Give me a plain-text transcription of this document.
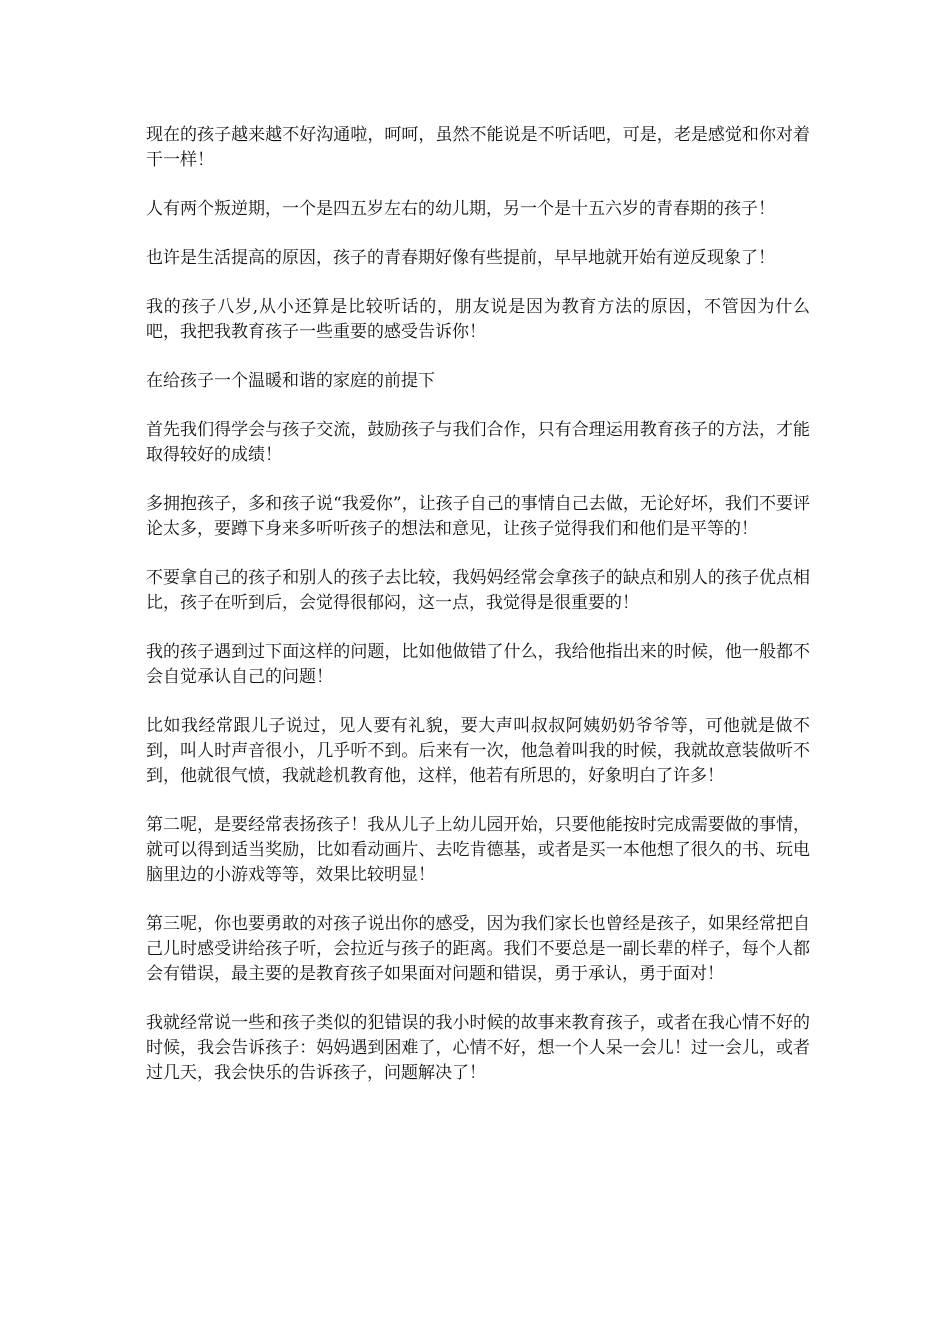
现在的孩子越来越不好沟通啦，呵呵，虽然不能说是不听话吧，可是，老是感觉和你对着干一样！

人有两个叛逆期，一个是四五岁左右的幼儿期，另一个是十五六岁的青春期的孩子！

也许是生活提高的原因，孩子的青春期好像有些提前，早早地就开始有逆反现象了！

我的孩子八岁,从小还算是比较听话的，朋友说是因为教育方法的原因，不管因为什么吧，我把我教育孩子一些重要的感受告诉你！

在给孩子一个温暖和谐的家庭的前提下

首先我们得学会与孩子交流，鼓励孩子与我们合作，只有合理运用教育孩子的方法，才能取得较好的成绩！

多拥抱孩子，多和孩子说“我爱你”，让孩子自己的事情自己去做，无论好坏，我们不要评论太多，要蹲下身来多听听孩子的想法和意见，让孩子觉得我们和他们是平等的！

不要拿自己的孩子和别人的孩子去比较，我妈妈经常会拿孩子的缺点和别人的孩子优点相比，孩子在听到后，会觉得很郁闷，这一点，我觉得是很重要的！

我的孩子遇到过下面这样的问题，比如他做错了什么，我给他指出来的时候，他一般都不会自觉承认自己的问题！

比如我经常跟儿子说过，见人要有礼貌，要大声叫叔叔阿姨奶奶爷爷等，可他就是做不到，叫人时声音很小，几乎听不到。后来有一次，他急着叫我的时候，我就故意装做听不到，他就很气愤，我就趁机教育他，这样，他若有所思的，好象明白了许多！

第二呢，是要经常表扬孩子！我从儿子上幼儿园开始，只要他能按时完成需要做的事情，就可以得到适当奖励，比如看动画片、去吃肯德基，或者是买一本他想了很久的书、玩电脑里边的小游戏等等，效果比较明显！

第三呢，你也要勇敢的对孩子说出你的感受，因为我们家长也曾经是孩子，如果经常把自己儿时感受讲给孩子听，会拉近与孩子的距离。我们不要总是一副长辈的样子，每个人都会有错误，最主要的是教育孩子如果面对问题和错误，勇于承认，勇于面对！

我就经常说一些和孩子类似的犯错误的我小时候的故事来教育孩子，或者在我心情不好的时候，我会告诉孩子：妈妈遇到困难了，心情不好，想一个人呆一会儿！过一会儿，或者过几天，我会快乐的告诉孩子，问题解决了！
